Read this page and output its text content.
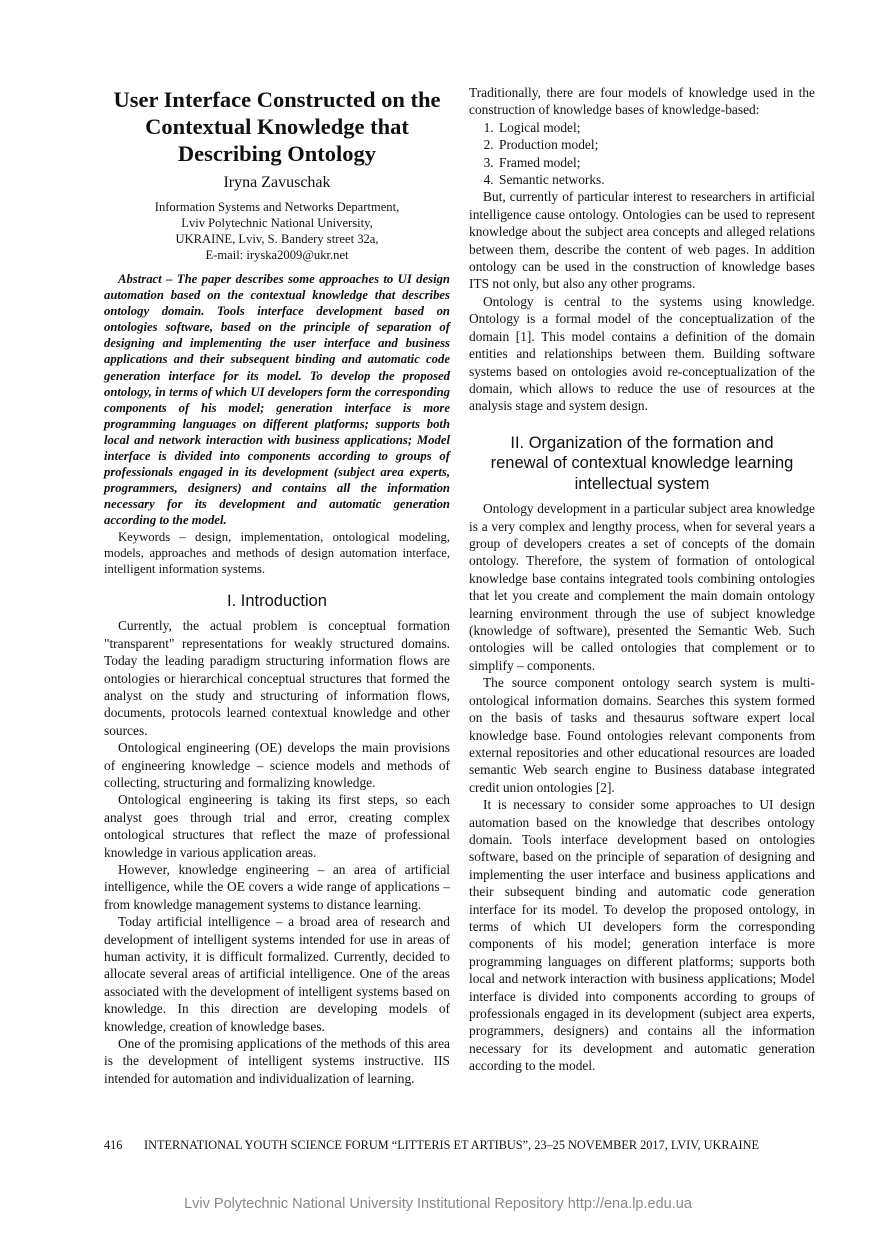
User Interface Constructed on the Contextual Knowledge that Describing Ontology
Iryna Zavuschak
Information Systems and Networks Department,
Lviv Polytechnic National University,
UKRAINE, Lviv, S. Bandery street 32a,
E-mail: iryska2009@ukr.net

Abstract – The paper describes some approaches to UI design automation based on the contextual knowledge that describes ontology domain. Tools interface development based on ontologies software, based on the principle of separation of designing and implementing the user interface and business applications and their subsequent binding and automatic code generation interface for its model. To develop the proposed ontology, in terms of which UI developers form the corresponding components of his model; generation interface is more programming languages on different platforms; supports both local and network interaction with business applications; Model interface is divided into components according to groups of professionals engaged in its development (subject area experts, programmers, designers) and contains all the information necessary for its development and automatic generation according to the model.

Keywords – design, implementation, ontological modeling, models, approaches and methods of design automation interface, intelligent information systems.

I. Introduction

Currently, the actual problem is conceptual formation "transparent" representations for weakly structured domains. Today the leading paradigm structuring information flows are ontologies or hierarchical conceptual structures that formed the analyst on the study and structuring of information flows, documents, protocols learned contextual knowledge and other sources.

Ontological engineering (OE) develops the main provisions of engineering knowledge – science models and methods of collecting, structuring and formalizing knowledge.

Ontological engineering is taking its first steps, so each analyst goes through trial and error, creating complex ontological structures that reflect the maze of professional knowledge in various application areas.

However, knowledge engineering – an area of artificial intelligence, while the OE covers a wide range of applications – from knowledge management systems to distance learning.

Today artificial intelligence – a broad area of research and development of intelligent systems intended for use in areas of human activity, it is difficult formalized. Currently, decided to allocate several areas of artificial intelligence. One of the areas associated with the development of intelligent systems based on knowledge. In this direction are developing models of knowledge, creation of knowledge bases.

One of the promising applications of the methods of this area is the development of intelligent systems instructive. IIS intended for automation and individualization of learning.

Traditionally, there are four models of knowledge used in the construction of knowledge bases of knowledge-based:

1. Logical model;
2. Production model;
3. Framed model;
4. Semantic networks.

But, currently of particular interest to researchers in artificial intelligence cause ontology. Ontologies can be used to represent knowledge about the subject area concepts and alleged relations between them, describe the content of web pages. In addition ontology can be used in the construction of knowledge bases ITS not only, but also any other programs.

Ontology is central to the systems using knowledge. Ontology is a formal model of the conceptualization of the domain [1]. This model contains a definition of the domain entities and relationships between them. Building software systems based on ontologies avoid re-conceptualization of the domain, which allows to reduce the use of resources at the analysis stage and system design.

II. Organization of the formation and renewal of contextual knowledge learning intellectual system

Ontology development in a particular subject area knowledge is a very complex and lengthy process, when for several years a group of developers creates a set of concepts of the domain ontology. Therefore, the system of formation of ontological knowledge base contains integrated tools combining ontologies that let you create and complement the main domain ontology learning environment through the use of subject knowledge (knowledge of software), presented the Semantic Web. Such ontologies will be called ontologies that complement or to simplify – components.

The source component ontology search system is multi-ontological information domains. Searches this system formed on the basis of tasks and thesaurus software expert local knowledge base. Found ontologies relevant components from external repositories and other educational resources are loaded semantic Web search engine to Business database integrated credit union ontologies [2].

It is necessary to consider some approaches to UI design automation based on the knowledge that describes ontology domain. Tools interface development based on ontologies software, based on the principle of separation of designing and implementing the user interface and business applications and their subsequent binding and automatic code generation interface for its model. To develop the proposed ontology, in terms of which UI developers form the corresponding components of his model; generation interface is more programming languages on different platforms; supports both local and network interaction with business applications; Model interface is divided into components according to groups of professionals engaged in its development (subject area experts, programmers, designers) and contains all the information necessary for its development and automatic generation according to the model.

416 INTERNATIONAL YOUTH SCIENCE FORUM “LITTERIS ET ARTIBUS”, 23–25 NOVEMBER 2017, LVIV, UKRAINE
Lviv Polytechnic National University Institutional Repository http://ena.lp.edu.ua
